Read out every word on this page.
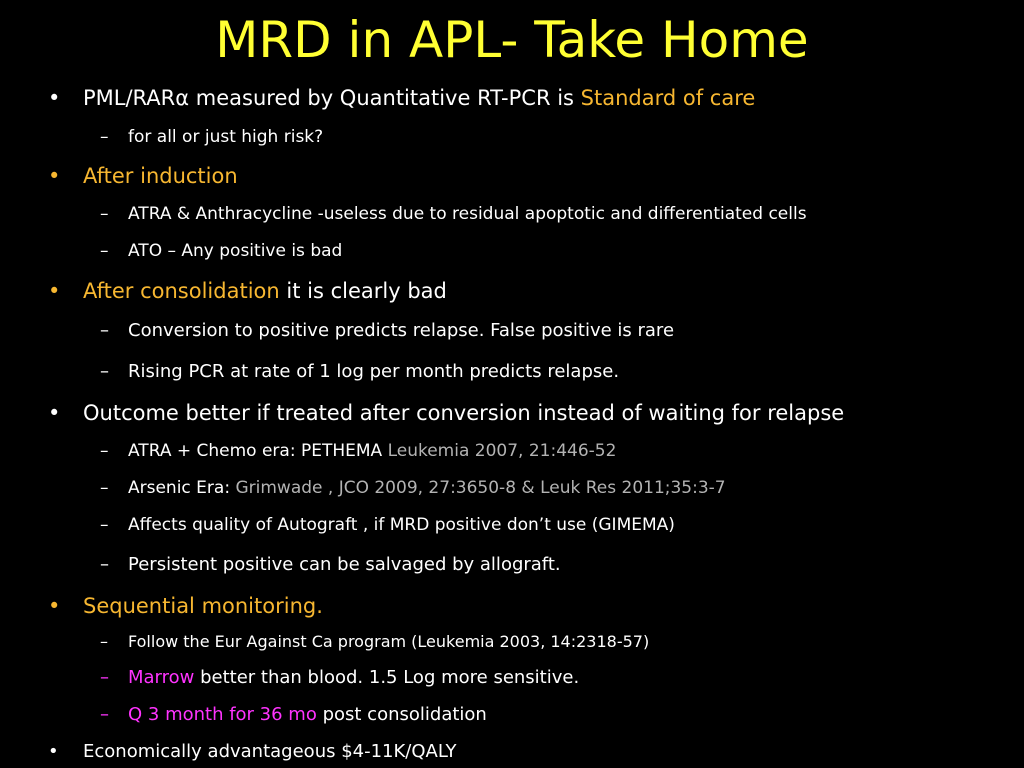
MRD in APL- Take Home
•	PML/RARα measured by Quantitative RT-PCR is Standard of care
–	for all or just high risk?
•	After induction
–	ATRA & Anthracycline -useless due to residual apoptotic and differentiated cells
–	ATO – Any positive is bad
•	After consolidation it is clearly bad
–	Conversion to positive predicts relapse. False positive is rare
–	Rising PCR at rate of 1 log per month predicts relapse.
•	Outcome better if treated after conversion instead of waiting for relapse
–	ATRA + Chemo era: PETHEMA Leukemia 2007, 21:446-52
–	Arsenic Era: Grimwade , JCO 2009, 27:3650-8 & Leuk Res 2011;35:3-7
–	Affects quality of Autograft , if MRD positive don’t use (GIMEMA)
–	Persistent positive can be salvaged by allograft.
•	Sequential monitoring.
–	Follow the Eur Against Ca program (Leukemia 2003, 14:2318-57)
–	Marrow better than blood. 1.5 Log more sensitive.
–	Q 3 month for 36 mo post consolidation
•	Economically advantageous $4-11K/QALY
